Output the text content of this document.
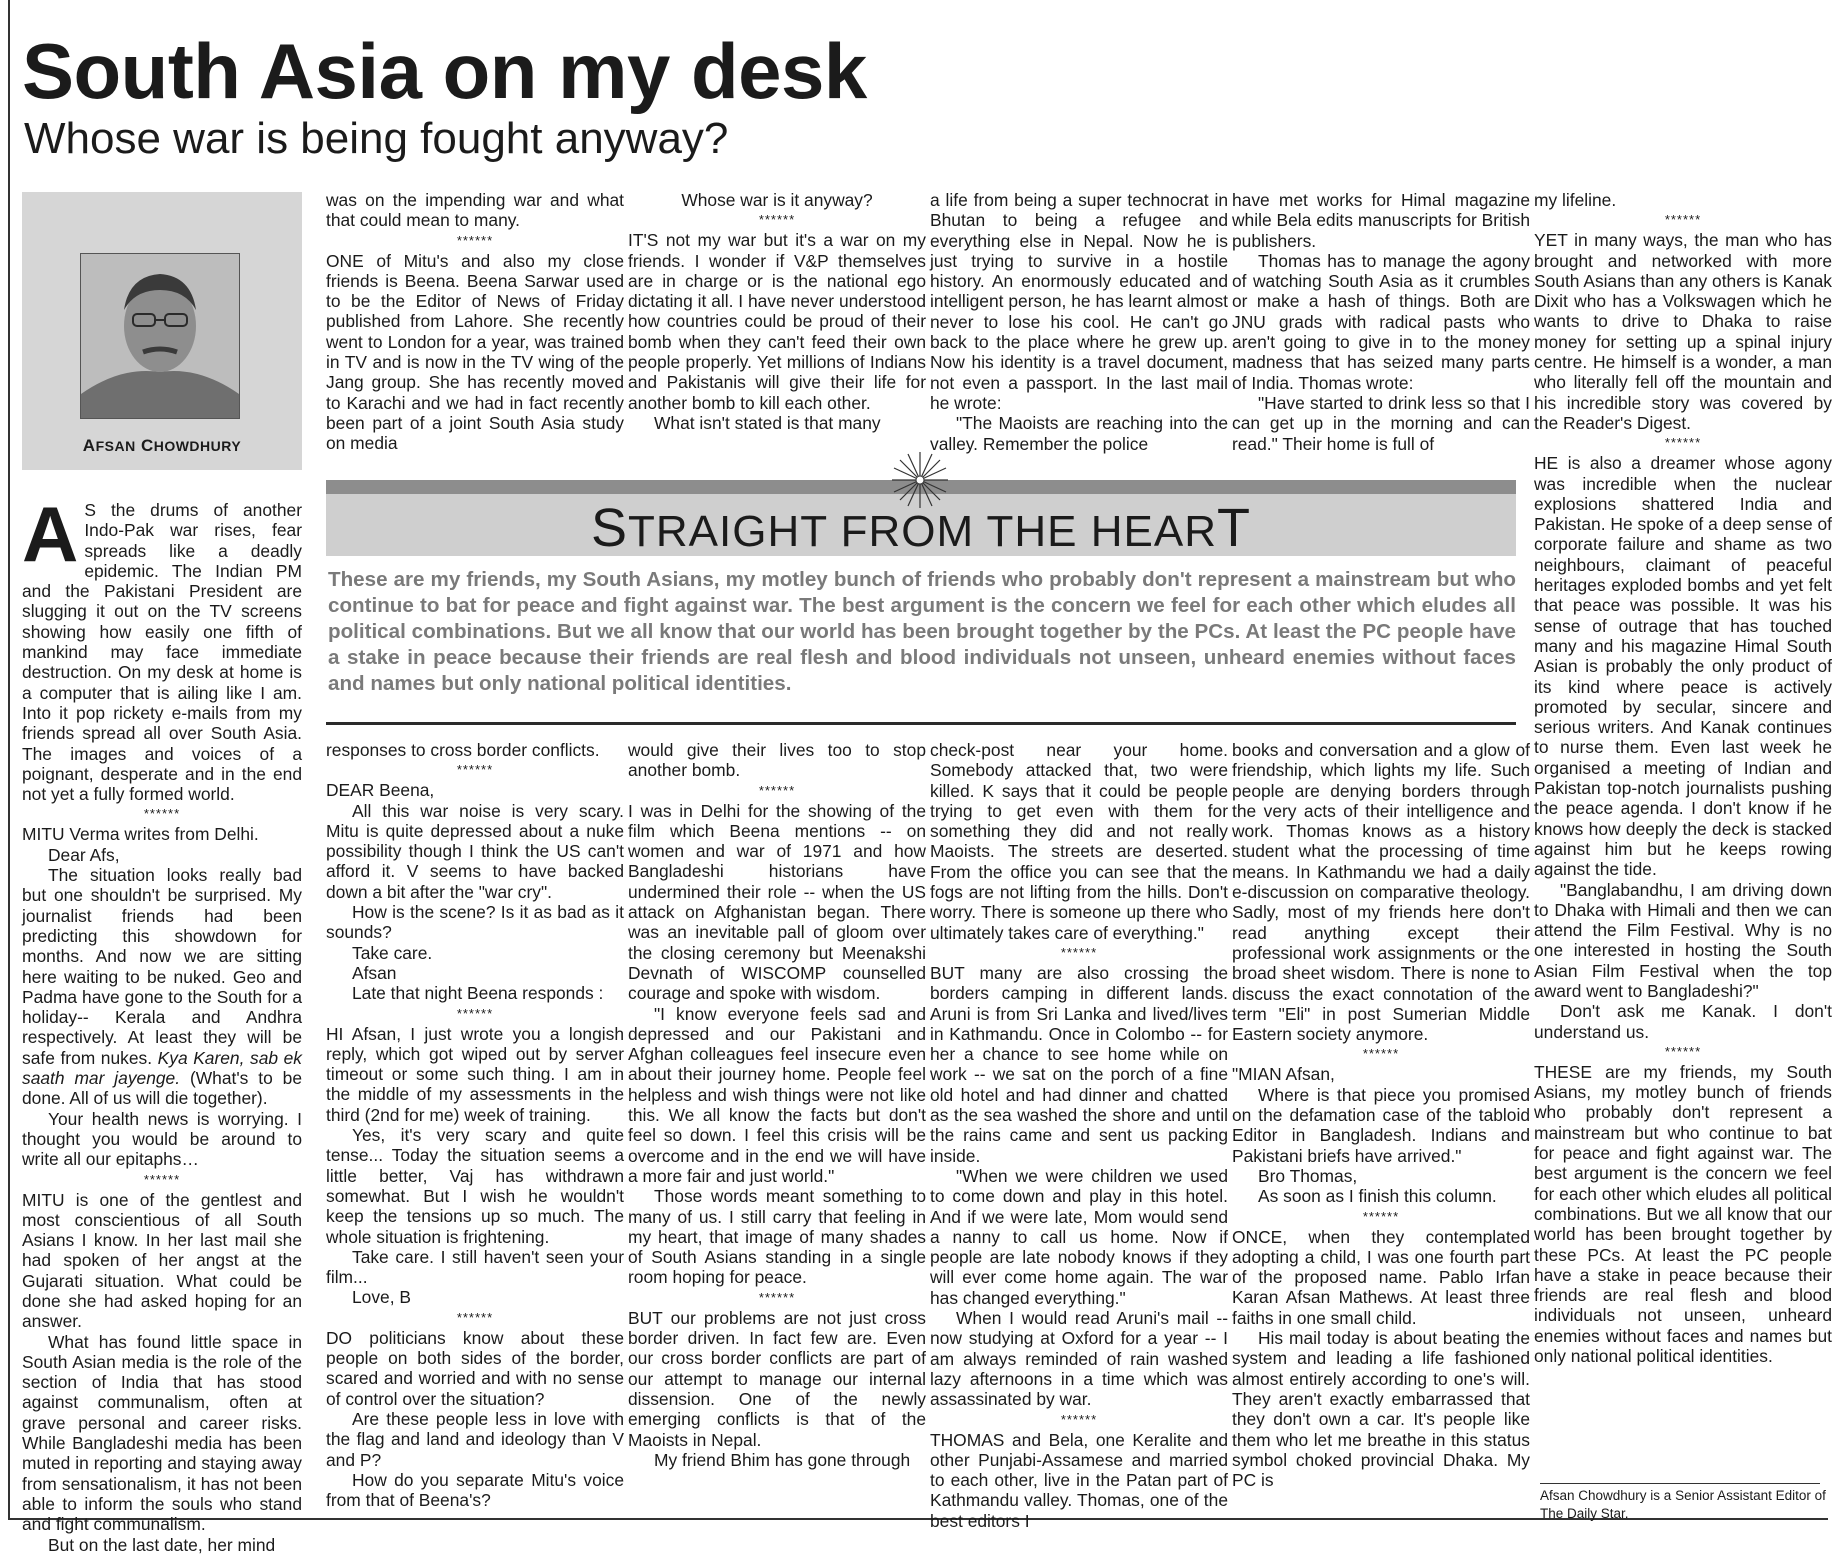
South Asia on my desk
Whose war is being fought anyway?
AFSAN CHOWDHURY

A S the drums of another Indo-Pak war rises, fear spreads like a deadly epidemic. The Indian PM and the Pakistani President are slugging it out on the TV screens showing how easily one fifth of mankind may face immediate destruction. On my desk at home is a computer that is ailing like I am. Into it pop rickety e-mails from my friends spread all over South Asia. The images and voices of a poignant, desperate and in the end not yet a fully formed world.

******

MITU Verma writes from Delhi.

Dear Afs,

The situation looks really bad but one shouldn't be surprised. My journalist friends had been predicting this showdown for months. And now we are sitting here waiting to be nuked. Geo and Padma have gone to the South for a holiday-- Kerala and Andhra respectively. At least they will be safe from nukes. Kya Karen, sab ek saath mar jayenge. (What's to be done. All of us will die together).

Your health news is worrying. I thought you would be around to write all our epitaphs…

******

MITU is one of the gentlest and most conscientious of all South Asians I know. In her last mail she had spoken of her angst at the Gujarati situation. What could be done she had asked hoping for an answer.

What has found little space in South Asian media is the role of the section of India that has stood against communalism, often at grave personal and career risks. While Bangladeshi media has been muted in reporting and staying away from sensationalism, it has not been able to inform the souls who stand and fight communalism.

But on the last date, her mind

was on the impending war and what that could mean to many.

******

ONE of Mitu's and also my close friends is Beena. Beena Sarwar used to be the Editor of News of Friday published from Lahore. She recently went to London for a year, was trained in TV and is now in the TV wing of the Jang group. She has recently moved to Karachi and we had in fact recently been part of a joint South Asia study on media

Whose war is it anyway?

******

IT'S not my war but it's a war on my friends. I wonder if V&P themselves are in charge or is the national ego dictating it all. I have never understood how countries could be proud of their bomb when they can't feed their own people properly. Yet millions of Indians and Pakistanis will give their life for another bomb to kill each other.

What isn't stated is that many

a life from being a super technocrat in Bhutan to being a refugee and everything else in Nepal. Now he is just trying to survive in a hostile history. An enormously educated and intelligent person, he has learnt almost never to lose his cool. He can't go back to the place where he grew up. Now his identity is a travel document, not even a passport. In the last mail he wrote:

"The Maoists are reaching into the valley. Remember the police

have met works for Himal magazine while Bela edits manuscripts for British publishers.

Thomas has to manage the agony of watching South Asia as it crumbles or make a hash of things. Both are JNU grads with radical pasts who aren't going to give in to the money madness that has seized many parts of India. Thomas wrote:

"Have started to drink less so that I can get up in the morning and can read." Their home is full of

STRAIGHT FROM THE HEART
These are my friends, my South Asians, my motley bunch of friends who probably don't represent a mainstream but who continue to bat for peace and fight against war. The best argument is the concern we feel for each other which eludes all political combinations. But we all know that our world has been brought together by the PCs. At least the PC people have a stake in peace because their friends are real flesh and blood individuals not unseen, unheard enemies without faces and names but only national political identities.

responses to cross border conflicts.

******

DEAR Beena,

All this war noise is very scary. Mitu is quite depressed about a nuke possibility though I think the US can't afford it. V seems to have backed down a bit after the "war cry".

How is the scene? Is it as bad as it sounds?

Take care.

Afsan

Late that night Beena responds :

******

HI Afsan, I just wrote you a longish reply, which got wiped out by server timeout or some such thing. I am in the middle of my assessments in the third (2nd for me) week of training.

Yes, it's very scary and quite tense... Today the situation seems a little better, Vaj has withdrawn somewhat. But I wish he wouldn't keep the tensions up so much. The whole situation is frightening.

Take care. I still haven't seen your film...

Love, B

******

DO politicians know about these people on both sides of the border, scared and worried and with no sense of control over the situation?

Are these people less in love with the flag and land and ideology than V and P?

How do you separate Mitu's voice from that of Beena's?

would give their lives too to stop another bomb.

******

I was in Delhi for the showing of the film which Beena mentions -- on women and war of 1971 and how Bangladeshi historians have undermined their role -- when the US attack on Afghanistan began. There was an inevitable pall of gloom over the closing ceremony but Meenakshi Devnath of WISCOMP counselled courage and spoke with wisdom.

"I know everyone feels sad and depressed and our Pakistani and Afghan colleagues feel insecure even about their journey home. People feel helpless and wish things were not like this. We all know the facts but don't feel so down. I feel this crisis will be overcome and in the end we will have a more fair and just world."

Those words meant something to many of us. I still carry that feeling in my heart, that image of many shades of South Asians standing in a single room hoping for peace.

******

BUT our problems are not just cross border driven. In fact few are. Even our cross border conflicts are part of our attempt to manage our internal dissension. One of the newly emerging conflicts is that of the Maoists in Nepal.

My friend Bhim has gone through

check-post near your home. Somebody attacked that, two were killed. K says that it could be people trying to get even with them for something they did and not really Maoists. The streets are deserted. From the office you can see that the fogs are not lifting from the hills. Don't worry. There is someone up there who ultimately takes care of everything."

******

BUT many are also crossing the borders camping in different lands. Aruni is from Sri Lanka and lived/lives in Kathmandu. Once in Colombo -- for her a chance to see home while on work -- we sat on the porch of a fine old hotel and had dinner and chatted as the sea washed the shore and until the rains came and sent us packing inside.

"When we were children we used to come down and play in this hotel. And if we were late, Mom would send a nanny to call us home. Now if people are late nobody knows if they will ever come home again. The war has changed everything."

When I would read Aruni's mail -- now studying at Oxford for a year -- I am always reminded of rain washed lazy afternoons in a time which was assassinated by war.

******

THOMAS and Bela, one Keralite and other Punjabi-Assamese and married to each other, live in the Patan part of Kathmandu valley. Thomas, one of the best editors I

books and conversation and a glow of friendship, which lights my life. Such people are denying borders through the very acts of their intelligence and work. Thomas knows as a history student what the processing of time means. In Kathmandu we had a daily e-discussion on comparative theology. Sadly, most of my friends here don't read anything except their professional work assignments or the broad sheet wisdom. There is none to discuss the exact connotation of the term "Eli" in post Sumerian Middle Eastern society anymore.

******

"MIAN Afsan,

Where is that piece you promised on the defamation case of the tabloid Editor in Bangladesh. Indians and Pakistani briefs have arrived."

Bro Thomas,

As soon as I finish this column.

******

ONCE, when they contemplated adopting a child, I was one fourth part of the proposed name. Pablo Irfan Karan Afsan Mathews. At least three faiths in one small child.

His mail today is about beating the system and leading a life fashioned almost entirely according to one's will. They aren't exactly embarrassed that they don't own a car. It's people like them who let me breathe in this status symbol choked provincial Dhaka. My PC is

my lifeline.

******

YET in many ways, the man who has brought and networked with more South Asians than any others is Kanak Dixit who has a Volkswagen which he wants to drive to Dhaka to raise money for setting up a spinal injury centre. He himself is a wonder, a man who literally fell off the mountain and his incredible story was covered by the Reader's Digest.

******

HE is also a dreamer whose agony was incredible when the nuclear explosions shattered India and Pakistan. He spoke of a deep sense of corporate failure and shame as two neighbours, claimant of peaceful heritages exploded bombs and yet felt that peace was possible. It was his sense of outrage that has touched many and his magazine Himal South Asian is probably the only product of its kind where peace is actively promoted by secular, sincere and serious writers. And Kanak continues to nurse them. Even last week he organised a meeting of Indian and Pakistan top-notch journalists pushing the peace agenda. I don't know if he knows how deeply the deck is stacked against him but he keeps rowing against the tide.

"Banglabandhu, I am driving down to Dhaka with Himali and then we can attend the Film Festival. Why is no one interested in hosting the South Asian Film Festival when the top award went to Bangladeshi?"

Don't ask me Kanak. I don't understand us.

******

THESE are my friends, my South Asians, my motley bunch of friends who probably don't represent a mainstream but who continue to bat for peace and fight against war. The best argument is the concern we feel for each other which eludes all political combinations. But we all know that our world has been brought together by these PCs. At least the PC people have a stake in peace because their friends are real flesh and blood individuals not unseen, unheard enemies without faces and names but only national political identities.

Afsan Chowdhury is a Senior Assistant Editor of The Daily Star.
